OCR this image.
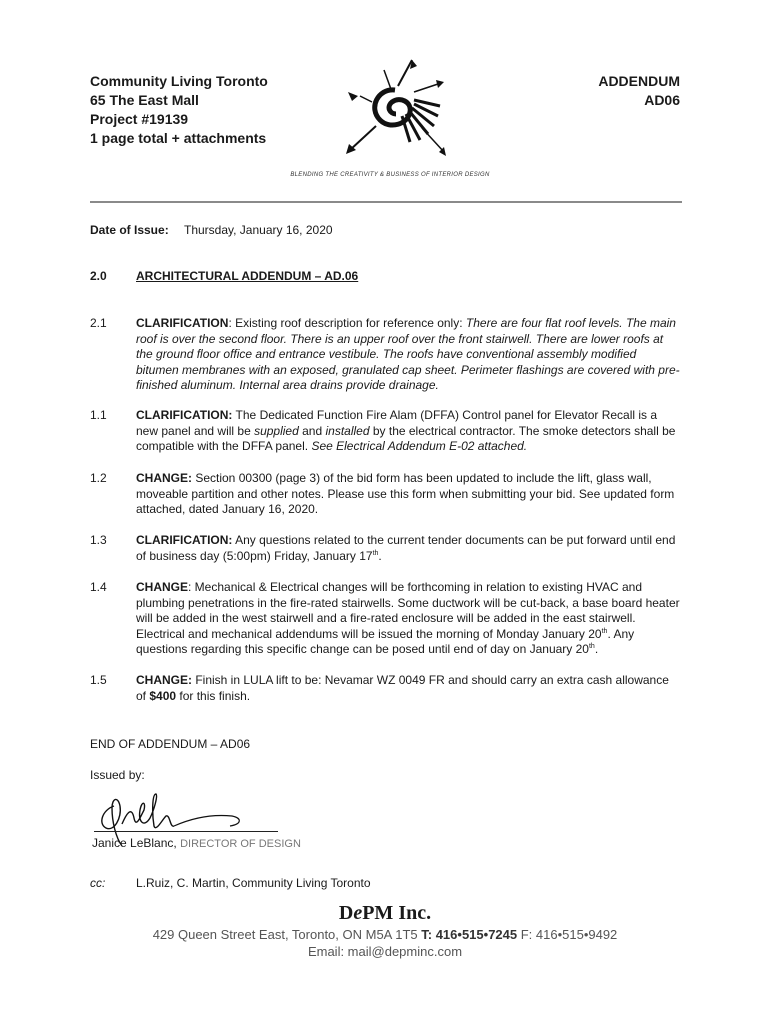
Community Living Toronto
65 The East Mall
Project #19139
1 page total + attachments
ADDENDUM
AD06
BLENDING THE CREATIVITY & BUSINESS OF INTERIOR DESIGN
Date of Issue: Thursday, January 16, 2020
2.0	ARCHITECTURAL ADDENDUM – AD.06
2.1	CLARIFICATION: Existing roof description for reference only: There are four flat roof levels. The main roof is over the second floor. There is an upper roof over the front stairwell. There are lower roofs at the ground floor office and entrance vestibule. The roofs have conventional assembly modified bitumen membranes with an exposed, granulated cap sheet. Perimeter flashings are covered with pre-finished aluminum. Internal area drains provide drainage.
1.1	CLARIFICATION: The Dedicated Function Fire Alam (DFFA) Control panel for Elevator Recall is a new panel and will be supplied and installed by the electrical contractor. The smoke detectors shall be compatible with the DFFA panel. See Electrical Addendum E-02 attached.
1.2	CHANGE: Section 00300 (page 3) of the bid form has been updated to include the lift, glass wall, moveable partition and other notes. Please use this form when submitting your bid. See updated form attached, dated January 16, 2020.
1.3	CLARIFICATION: Any questions related to the current tender documents can be put forward until end of business day (5:00pm) Friday, January 17th.
1.4	CHANGE: Mechanical & Electrical changes will be forthcoming in relation to existing HVAC and plumbing penetrations in the fire-rated stairwells. Some ductwork will be cut-back, a base board heater will be added in the west stairwell and a fire-rated enclosure will be added in the east stairwell. Electrical and mechanical addendums will be issued the morning of Monday January 20th. Any questions regarding this specific change can be posed until end of day on January 20th.
1.5	CHANGE: Finish in LULA lift to be: Nevamar WZ 0049 FR and should carry an extra cash allowance of $400 for this finish.
END OF ADDENDUM – AD06
Issued by:
Janice LeBlanc, DIRECTOR OF DESIGN
cc:	L.Ruiz, C. Martin, Community Living Toronto
DePM Inc.
429 Queen Street East, Toronto, ON M5A 1T5 T: 416•515•7245 F: 416•515•9492
Email: mail@depminc.com
